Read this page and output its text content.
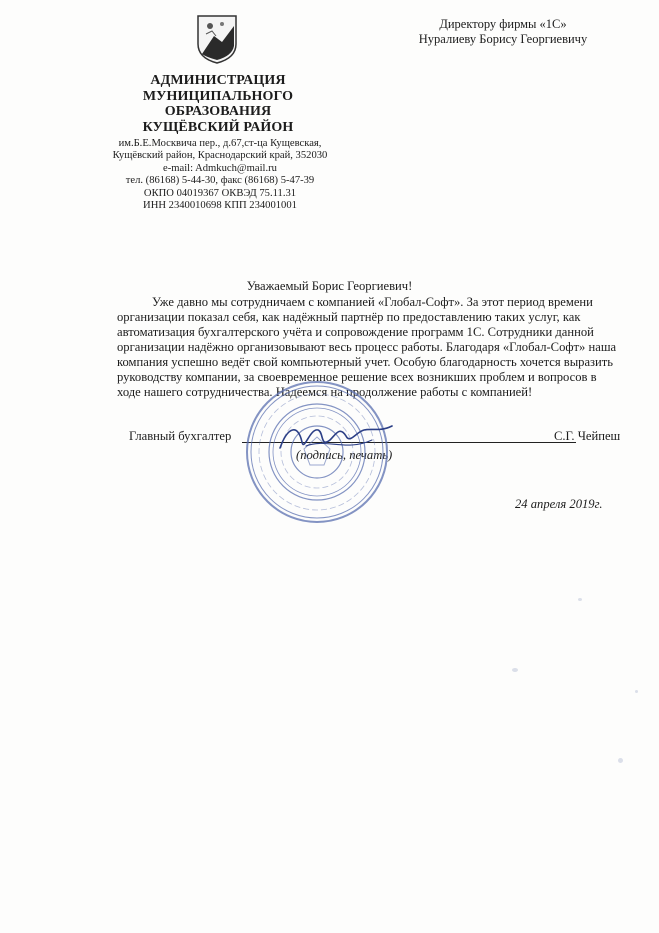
АДМИНИСТРАЦИЯ
МУНИЦИПАЛЬНОГО
ОБРАЗОВАНИЯ
КУЩЁВСКИЙ РАЙОН
им.Б.Е.Москвича пер., д.67,ст-ца Кущевская,
Кущёвский район, Краснодарский край, 352030
e-mail: Admkuch@mail.ru
тел. (86168) 5-44-30, факс (86168) 5-47-39
ОКПО 04019367 ОКВЭД 75.11.31
ИНН 2340010698 КПП 234001001
Директору фирмы «1С»
Нуралиеву Борису Георгиевичу
Уважаемый Борис Георгиевич!
Уже давно мы сотрудничаем с компанией «Глобал-Софт». За этот период времени
организации показал себя, как надёжный партнёр по предоставлению таких услуг, как
автоматизация бухгалтерского учёта и сопровождение программ 1С. Сотрудники данной
организации надёжно организовывают весь процесс работы. Благодаря «Глобал-Софт» наша
компания успешно ведёт свой компьютерный учет. Особую благодарность хочется выразить
руководству компании, за своевременное решение всех возникших проблем и вопросов в
ходе нашего сотрудничества. Надеемся на продолжение работы с компанией!
Главный бухгалтер	С.Г. Чейпеш
(подпись, печать)
24 апреля 2019г.
